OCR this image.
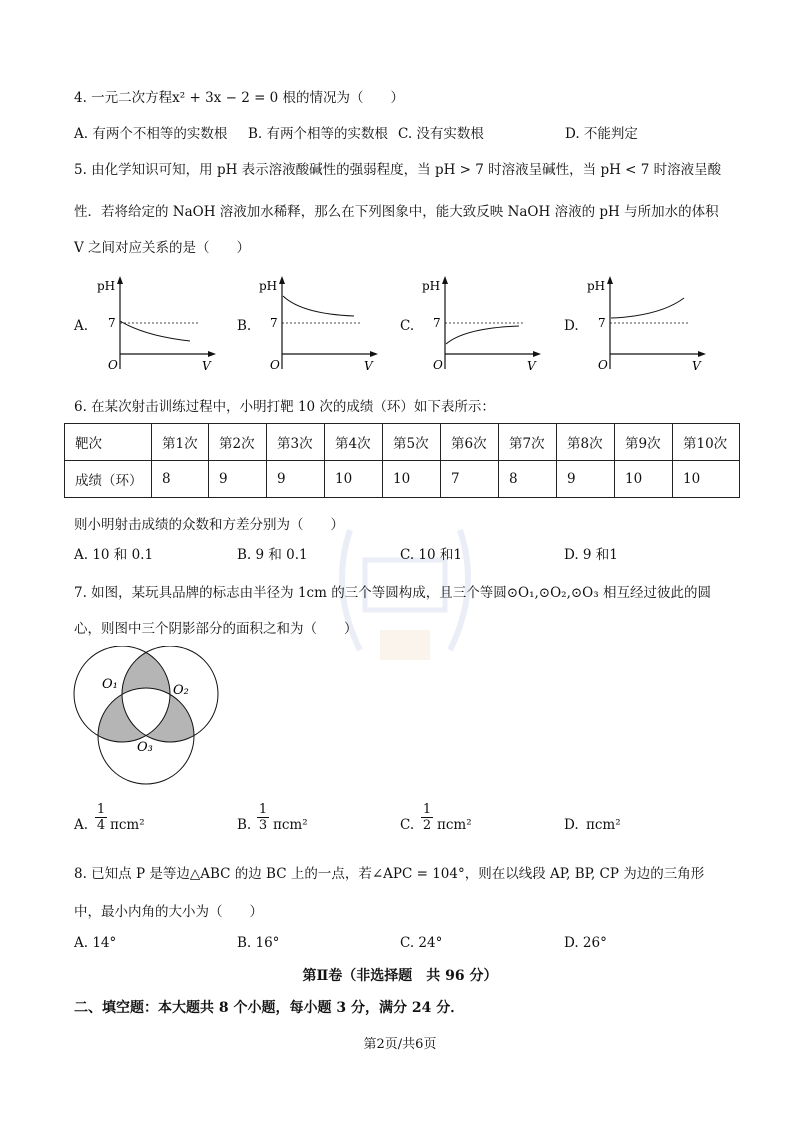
4. 一元二次方程x² + 3x − 2 = 0 根的情况为（　　）
A. 有两个不相等的实数根 B. 有两个相等的实数根 C. 没有实数根	D. 不能判定
5. 由化学知识可知，用 pH 表示溶液酸碱性的强弱程度，当 pH > 7 时溶液呈碱性，当 pH < 7 时溶液呈酸
性．若将给定的 NaOH 溶液加水稀释，那么在下列图象中，能大致反映 NaOH 溶液的 pH 与所加水的体积
V 之间对应关系的是（　　）
A.	B.	C.	D.
pH
7
O	V
pH
7
O	V
pH
7
O	V
pH
7
O	V
6. 在某次射击训练过程中，小明打靶 10 次的成绩（环）如下表所示：
靶次	第1次	第2次	第3次	第4次	第5次	第6次	第7次	第8次	第9次	第10次
成绩（环）	8	9	9	10	10	7	8	9	10	10
则小明射击成绩的众数和方差分别为（　　）
A. 10 和 0.1	B. 9 和 0.1	C. 10 和1	D. 9 和1
7. 如图，某玩具品牌的标志由半径为 1cm 的三个等圆构成，且三个等圆⊙O₁,⊙O₂,⊙O₃ 相互经过彼此的圆
心，则图中三个阴影部分的面积之和为（　　）
O₁	O₂
O₃
A.
1
4 πcm²	B.
1
3 πcm²	C.
1
2 πcm²	D. πcm²
8. 已知点 P 是等边△ABC 的边 BC 上的一点，若∠APC = 104°，则在以线段 AP, BP, CP 为边的三角形
中，最小内角的大小为（　　）
A. 14°	B. 16°	C. 24°	D. 26°
第Ⅱ卷（非选择题　共 96 分）
二、填空题：本大题共 8 个小题，每小题 3 分，满分 24 分．
第2页/共6页
